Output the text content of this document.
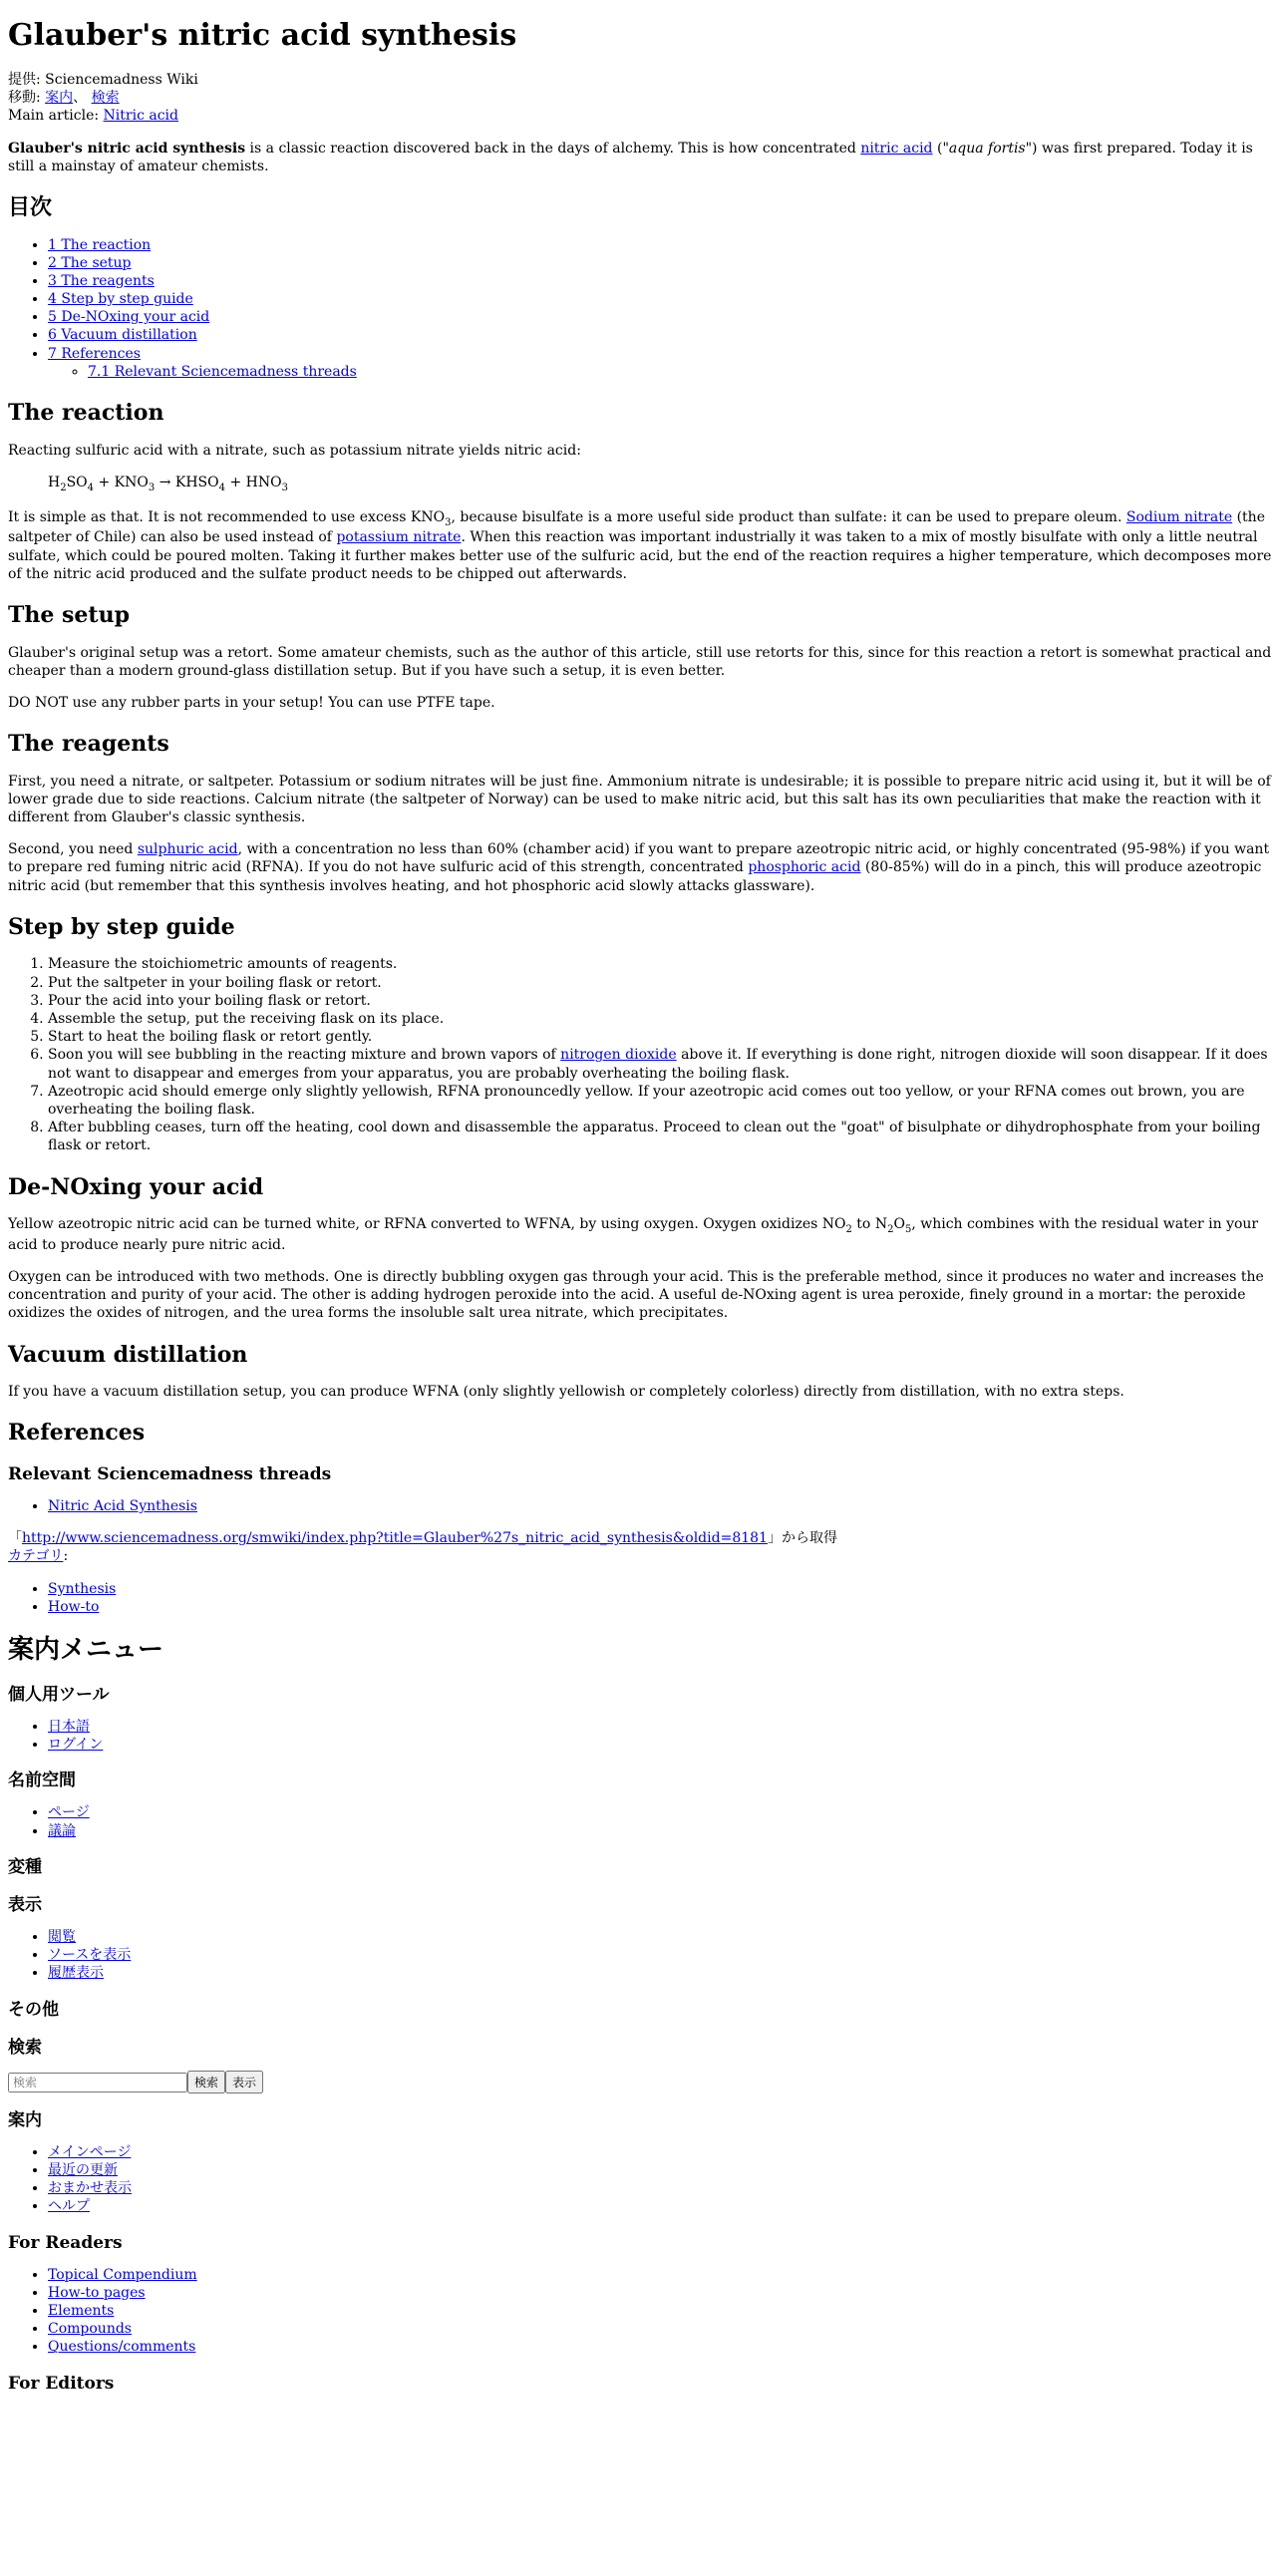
Glauber's nitric acid synthesis
提供: Sciencemadness Wiki
移動: 案内、 検索
Main article: Nitric acid

Glauber's nitric acid synthesis is a classic reaction discovered back in the days of alchemy. This is how concentrated nitric acid ("aqua fortis") was first prepared. Today it is still a mainstay of amateur chemists.

目次
• 1 The reaction
• 2 The setup
• 3 The reagents
• 4 Step by step guide
• 5 De-NOxing your acid
• 6 Vacuum distillation
• 7 References
◦ 7.1 Relevant Sciencemadness threads
The reaction

Reacting sulfuric acid with a nitrate, such as potassium nitrate yields nitric acid:

$H_2SO_4 + KNO_3$ → $KHSO_4 + HNO_3$

It is simple as that. It is not recommended to use excess $KNO_3$, because bisulfate is a more useful side product than sulfate: it can be used to prepare oleum. Sodium nitrate (the saltpeter of Chile) can also be used instead of potassium nitrate. When this reaction was important industrially it was taken to a mix of mostly bisulfate with only a little neutral sulfate, which could be poured molten. Taking it further makes better use of the sulfuric acid, but the end of the reaction requires a higher temperature, which decomposes more of the nitric acid produced and the sulfate product needs to be chipped out afterwards.

The setup

Glauber's original setup was a retort. Some amateur chemists, such as the author of this article, still use retorts for this, since for this reaction a retort is somewhat practical and cheaper than a modern ground-glass distillation setup. But if you have such a setup, it is even better.

DO NOT use any rubber parts in your setup! You can use PTFE tape.

The reagents

First, you need a nitrate, or saltpeter. Potassium or sodium nitrates will be just fine. Ammonium nitrate is undesirable; it is possible to prepare nitric acid using it, but it will be of lower grade due to side reactions. Calcium nitrate (the saltpeter of Norway) can be used to make nitric acid, but this salt has its own peculiarities that make the reaction with it different from Glauber's classic synthesis.

Second, you need sulphuric acid, with a concentration no less than 60% (chamber acid) if you want to prepare azeotropic nitric acid, or highly concentrated (95-98%) if you want to prepare red fuming nitric acid (RFNA). If you do not have sulfuric acid of this strength, concentrated phosphoric acid (80-85%) will do in a pinch, this will produce azeotropic nitric acid (but remember that this synthesis involves heating, and hot phosphoric acid slowly attacks glassware).

Step by step guide
1. Measure the stoichiometric amounts of reagents.
2. Put the saltpeter in your boiling flask or retort.
3. Pour the acid into your boiling flask or retort.
4. Assemble the setup, put the receiving flask on its place.
5. Start to heat the boiling flask or retort gently.
6. Soon you will see bubbling in the reacting mixture and brown vapors of nitrogen dioxide above it. If everything is done right, nitrogen dioxide will soon disappear. If it does not want to disappear and emerges from your apparatus, you are probably overheating the boiling flask.
7. Azeotropic acid should emerge only slightly yellowish, RFNA pronouncedly yellow. If your azeotropic acid comes out too yellow, or your RFNA comes out brown, you are overheating the boiling flask.
8. After bubbling ceases, turn off the heating, cool down and disassemble the apparatus. Proceed to clean out the "goat" of bisulphate or dihydrophosphate from your boiling flask or retort.
De-NOxing your acid

Yellow azeotropic nitric acid can be turned white, or RFNA converted to WFNA, by using oxygen. Oxygen oxidizes $NO_2$ to $N_2O_5$, which combines with the residual water in your acid to produce nearly pure nitric acid.

Oxygen can be introduced with two methods. One is directly bubbling oxygen gas through your acid. This is the preferable method, since it produces no water and increases the concentration and purity of your acid. The other is adding hydrogen peroxide into the acid. A useful de-NOxing agent is urea peroxide, finely ground in a mortar: the peroxide oxidizes the oxides of nitrogen, and the urea forms the insoluble salt urea nitrate, which precipitates.

Vacuum distillation

If you have a vacuum distillation setup, you can produce WFNA (only slightly yellowish or completely colorless) directly from distillation, with no extra steps.

References
Relevant Sciencemadness threads
• Nitric Acid Synthesis
「http://www.sciencemadness.org/smwiki/index.php?title=Glauber%27s_nitric_acid_synthesis&oldid=8181」から取得
カテゴリ:
• Synthesis
• How-to
案内メニュー
個人用ツール
• 日本語
• ログイン
名前空間
• ページ
• 議論
変種
表示
• 閲覧
• ソースを表示
• 履歴表示
その他
検索
検索検索 表示
案内
• メインページ
• 最近の更新
• おまかせ表示
• ヘルプ
For Readers
• Topical Compendium
• How-to pages
• Elements
• Compounds
• Questions/comments
For Editors
